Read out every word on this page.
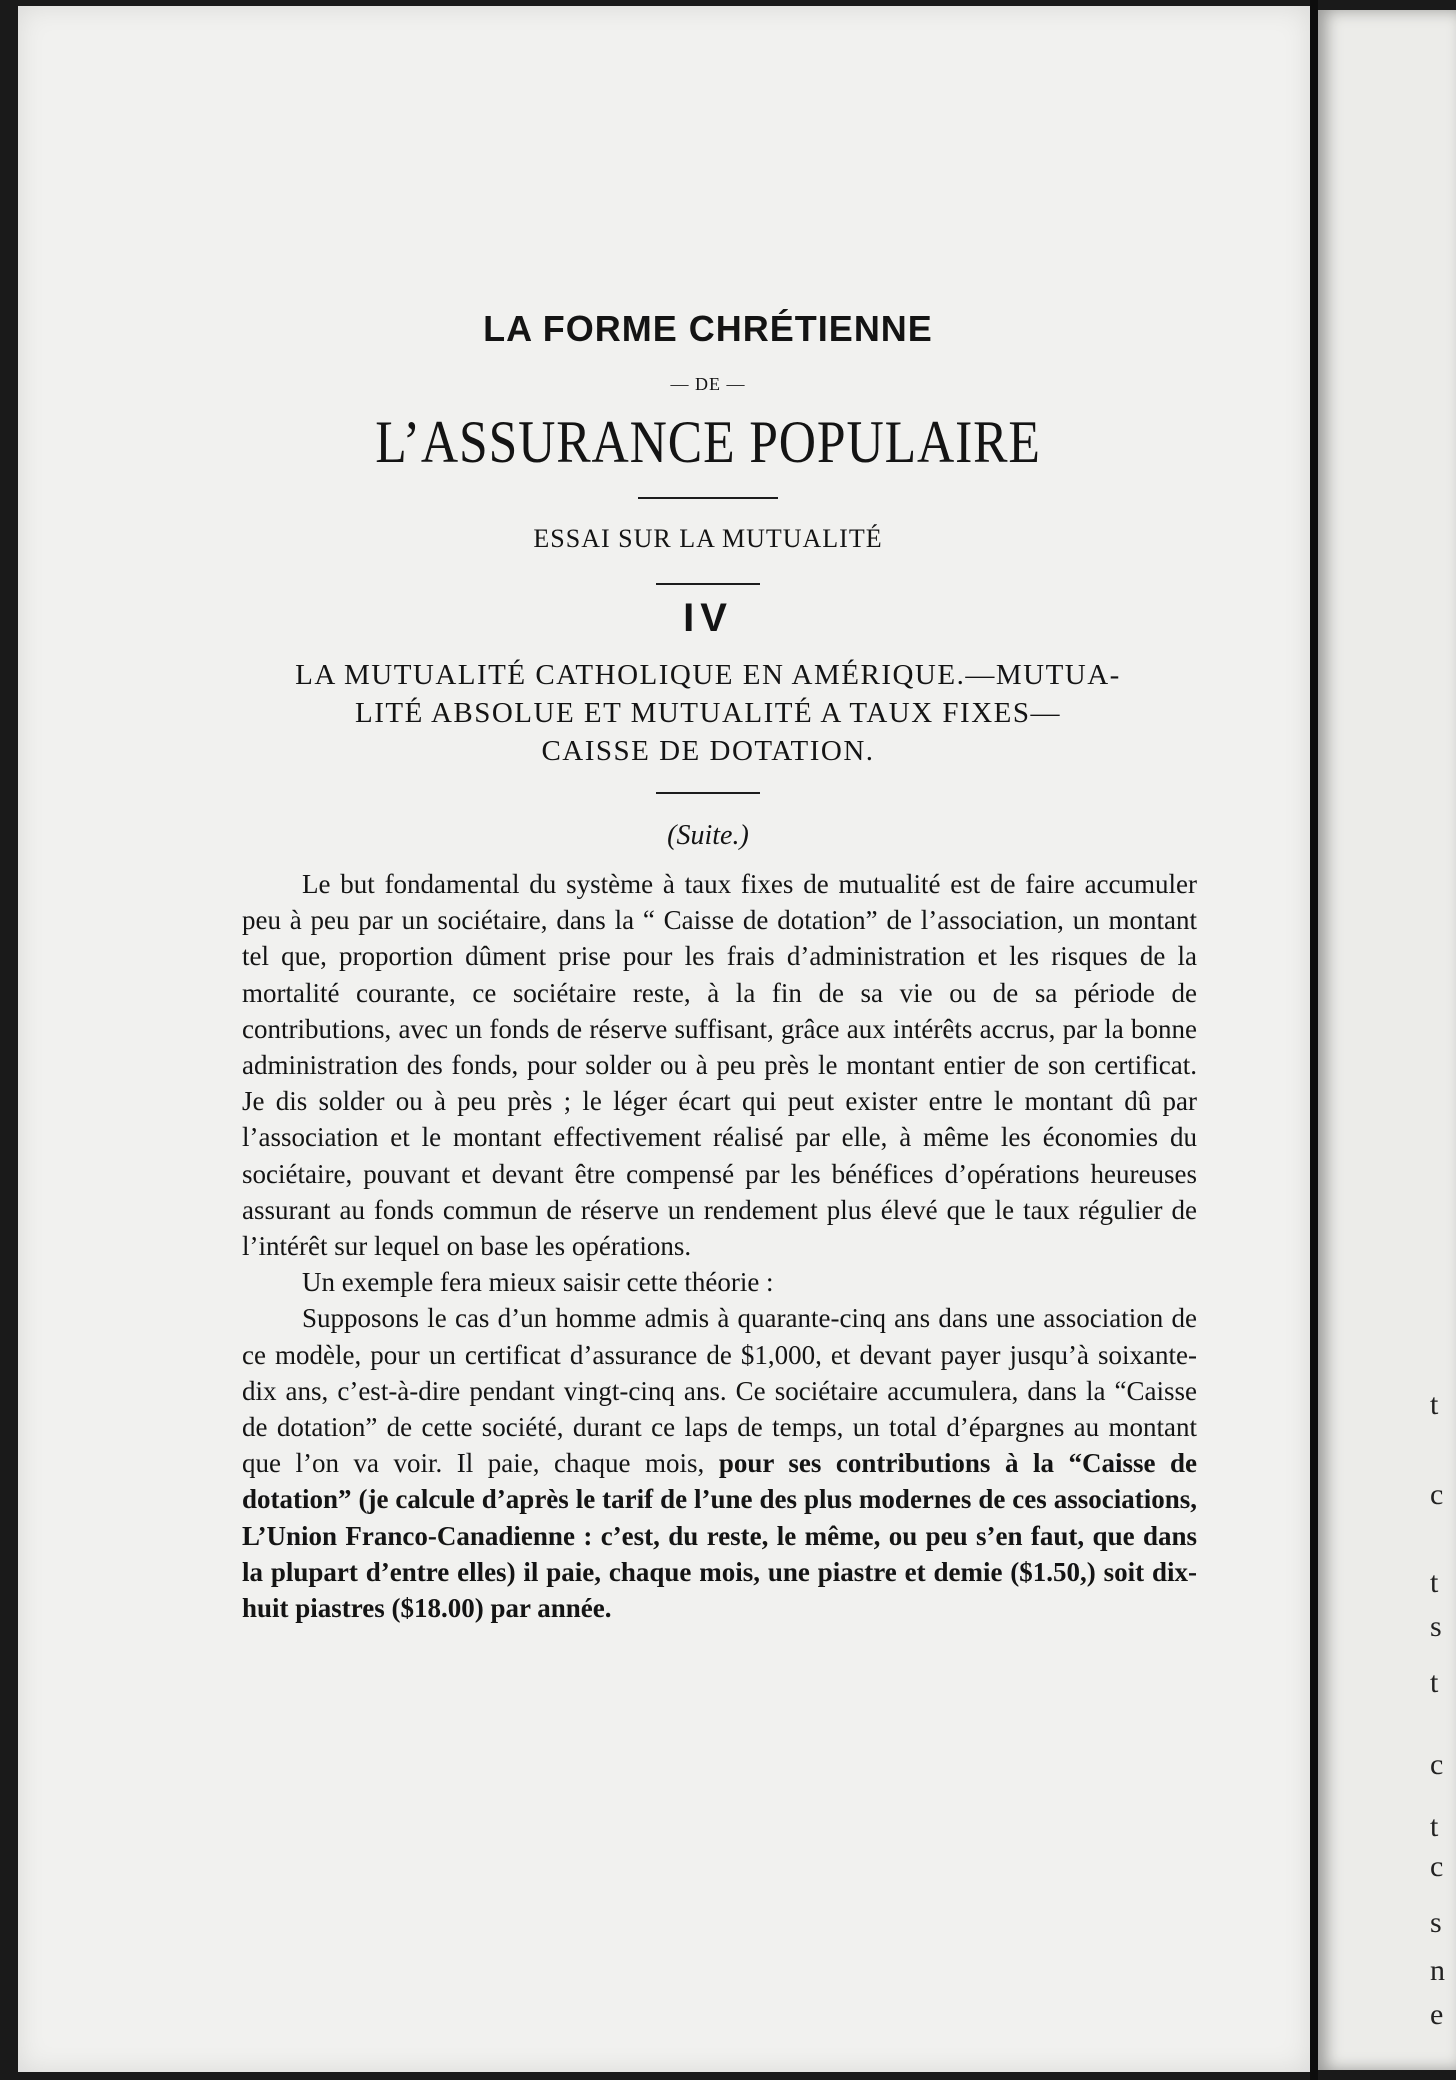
t
c
t
s
t
c
t
c
s
n
e
LA FORME CHRÉTIENNE
— DE —
L’ASSURANCE POPULAIRE
ESSAI SUR LA MUTUALITÉ
IV
LA MUTUALITÉ CATHOLIQUE EN AMÉRIQUE.—MUTUA-
LITÉ ABSOLUE ET MUTUALITÉ A TAUX FIXES—
CAISSE DE DOTATION.
(Suite.)

Le but fondamental du système à taux fixes de mutualité est de faire accumuler peu à peu par un sociétaire, dans la “ Caisse de dotation” de l’association, un montant tel que, proportion dûment prise pour les frais d’administration et les risques de la mortalité courante, ce sociétaire reste, à la fin de sa vie ou de sa période de contributions, avec un fonds de réserve suffisant, grâce aux intérêts accrus, par la bonne administration des fonds, pour solder ou à peu près le montant entier de son certificat. Je dis solder ou à peu près ; le léger écart qui peut exister entre le montant dû par l’association et le montant effectivement réalisé par elle, à même les économies du sociétaire, pouvant et devant être compensé par les bénéfices d’opérations heureuses assurant au fonds commun de réserve un rendement plus élevé que le taux régulier de l’intérêt sur lequel on base les opérations.

Un exemple fera mieux saisir cette théorie :

Supposons le cas d’un homme admis à quarante-cinq ans dans une association de ce modèle, pour un certificat d’assurance de $1,000, et devant payer jusqu’à soixante-dix ans, c’est-à-dire pendant vingt-cinq ans. Ce sociétaire accumulera, dans la “Caisse de dotation” de cette société, durant ce laps de temps, un total d’épargnes au montant que l’on va voir. Il paie, chaque mois, pour ses contributions à la “Caisse de dotation” (je calcule d’après le tarif de l’une des plus modernes de ces associations, L’Union Franco-Canadienne : c’est, du reste, le même, ou peu s’en faut, que dans la plupart d’entre elles) il paie, chaque mois, une piastre et demie ($1.50,) soit dix-huit piastres ($18.00) par année.
